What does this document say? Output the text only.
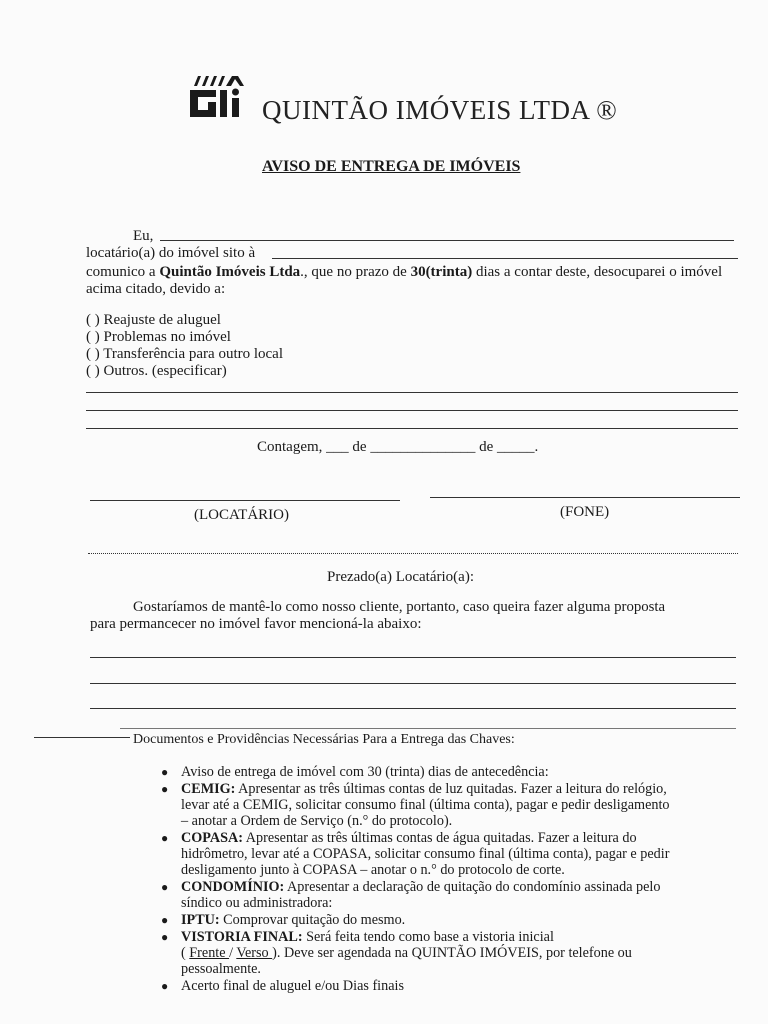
QUINTÃO IMÓVEIS LTDA ®
AVISO DE ENTREGA DE IMÓVEIS
Eu,
locatário(a) do imóvel sito à
comunico a Quintão Imóveis Ltda., que no prazo de 30(trinta) dias a contar deste, desocuparei o imóvel
acima citado, devido a:
( ) Reajuste de aluguel
( ) Problemas no imóvel
( ) Transferência para outro local
( ) Outros. (especificar)
Contagem, ___ de ______________ de _____.
(LOCATÁRIO)	(FONE)
Prezado(a) Locatário(a):
Gostaríamos de mantê-lo como nosso cliente, portanto, caso queira fazer alguma proposta
para permancecer no imóvel favor mencioná-la abaixo:
Documentos e Providências Necessárias Para a Entrega das Chaves:
● Aviso de entrega de imóvel com 30 (trinta) dias de antecedência:
● CEMIG: Apresentar as três últimas contas de luz quitadas. Fazer a leitura do relógio, levar até a CEMIG, solicitar consumo final (última conta), pagar e pedir desligamento – anotar a Ordem de Serviço (n.° do protocolo).
● COPASA: Apresentar as três últimas contas de água quitadas. Fazer a leitura do hidrômetro, levar até a COPASA, solicitar consumo final (última conta), pagar e pedir desligamento junto à COPASA – anotar o n.° do protocolo de corte.
● CONDOMÍNIO: Apresentar a declaração de quitação do condomínio assinada pelo síndico ou administradora:
● IPTU: Comprovar quitação do mesmo.
● VISTORIA FINAL: Será feita tendo como base a vistoria inicial
( Frente / Verso ). Deve ser agendada na QUINTÃO IMÓVEIS, por telefone ou
pessoalmente.
● Acerto final de aluguel e/ou Dias finais
